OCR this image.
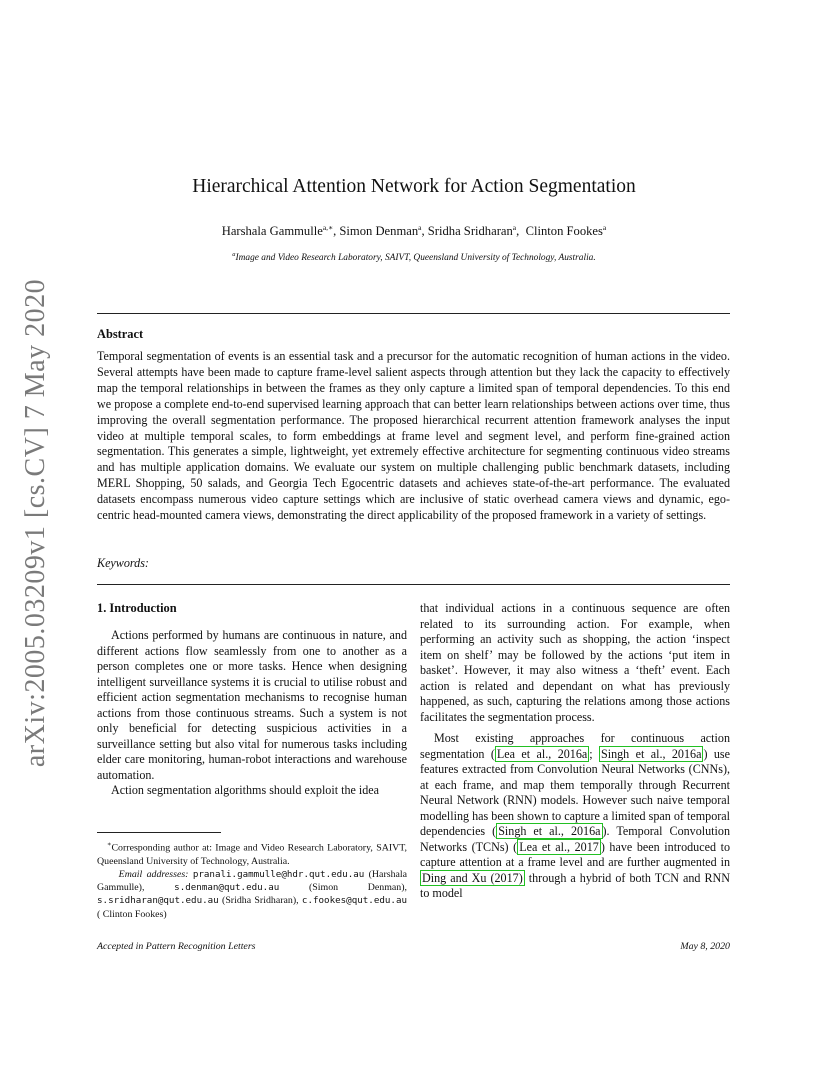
arXiv:2005.03209v1 [cs.CV] 7 May 2020
Hierarchical Attention Network for Action Segmentation
Harshala Gammulle$^{a,∗}$, Simon Denman$^a$, Sridha Sridharan$^a$,  Clinton Fookes$^a$
$^a$Image and Video Research Laboratory, SAIVT, Queensland University of Technology, Australia.
Abstract
Temporal segmentation of events is an essential task and a precursor for the automatic recognition of human actions in the video. Several attempts have been made to capture frame-level salient aspects through attention but they lack the capacity to effectively map the temporal relationships in between the frames as they only capture a limited span of temporal dependencies. To this end we propose a complete end-to-end supervised learning approach that can better learn relationships between actions over time, thus improving the overall segmentation performance. The proposed hierarchical recurrent attention framework analyses the input video at multiple temporal scales, to form embeddings at frame level and segment level, and perform fine-grained action segmentation. This generates a simple, lightweight, yet extremely effective architecture for segmenting continuous video streams and has multiple application domains. We evaluate our system on multiple challenging public benchmark datasets, including MERL Shopping, 50 salads, and Georgia Tech Egocentric datasets and achieves state-of-the-art performance. The evaluated datasets encompass numerous video capture settings which are inclusive of static overhead camera views and dynamic, ego-centric head-mounted camera views, demonstrating the direct applicability of the proposed framework in a variety of settings.
Keywords:
1. Introduction

Actions performed by humans are continuous in nature, and different actions flow seamlessly from one to another as a person completes one or more tasks. Hence when designing intelligent surveillance systems it is crucial to utilise robust and efficient action segmentation mechanisms to recognise human actions from those continuous streams. Such a system is not only beneficial for detecting suspicious activities in a surveillance setting but also vital for numerous tasks including elder care monitoring, human-robot interactions and warehouse automation.

Action segmentation algorithms should exploit the idea

that individual actions in a continuous sequence are often related to its surrounding action. For example, when performing an activity such as shopping, the action ‘inspect item on shelf’ may be followed by the actions ‘put item in basket’. However, it may also witness a ‘theft’ event. Each action is related and dependant on what has previously happened, as such, capturing the relations among those actions facilitates the segmentation process.

Most existing approaches for continuous action segmentation ( Lea et al., 2016a ; Singh et al., 2016a ) use features extracted from Convolution Neural Networks (CNNs), at each frame, and map them temporally through Recurrent Neural Network (RNN) models. However such naive temporal modelling has been shown to capture a limited span of temporal dependencies ( Singh et al., 2016a ). Temporal Convolution Networks (TCNs) ( Lea et al., 2017 ) have been introduced to capture attention at a frame level and are further augmented in Ding and Xu (2017) through a hybrid of both TCN and RNN to model

∗Corresponding author at: Image and Video Research Laboratory, SAIVT, Queensland University of Technology, Australia.

Email addresses: pranali.gammulle@hdr.qut.edu.au (Harshala Gammulle),	s.denman@qut.edu.au	(Simon Denman), s.sridharan@qut.edu.au (Sridha Sridharan), c.fookes@qut.edu.au ( Clinton Fookes)

Accepted in Pattern Recognition Letters	May 8, 2020
